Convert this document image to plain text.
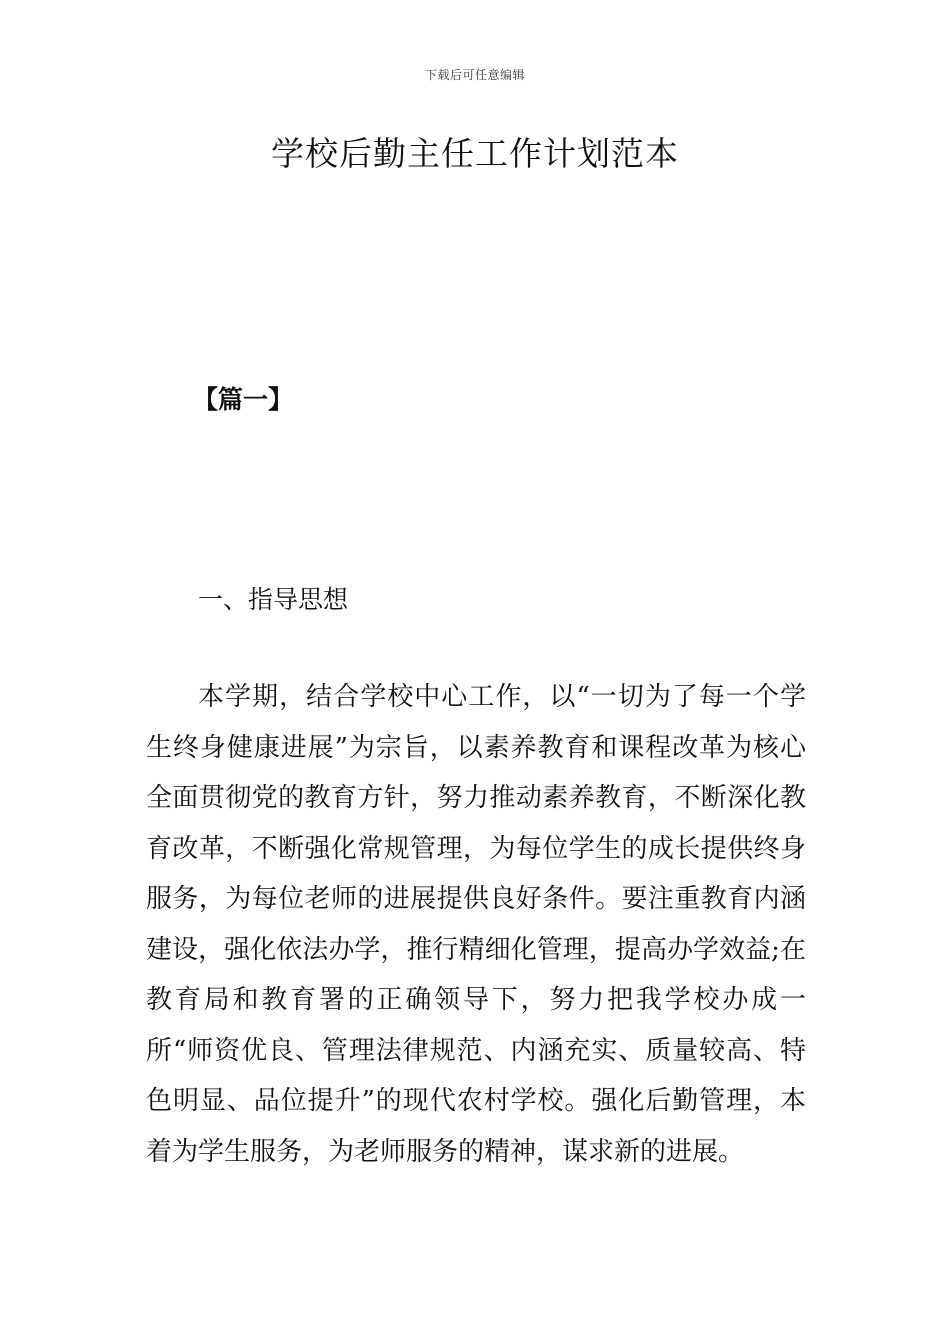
下载后可任意编辑
学校后勤主任工作计划范本
【篇一】
一、指导思想

本学期，结合学校中心工作，以“一切为了每一个学生终身健康进展”为宗旨，以素养教育和课程改革为核心全面贯彻党的教育方针，努力推动素养教育，不断深化教育改革，不断强化常规管理，为每位学生的成长提供终身服务，为每位老师的进展提供良好条件。要注重教育内涵建设，强化依法办学，推行精细化管理，提高办学效益;在教育局和教育署的正确领导下，努力把我学校办成一所“师资优良、管理法律规范、内涵充实、质量较高、特色明显、品位提升”的现代农村学校。强化后勤管理，本着为学生服务，为老师服务的精神，谋求新的进展。
